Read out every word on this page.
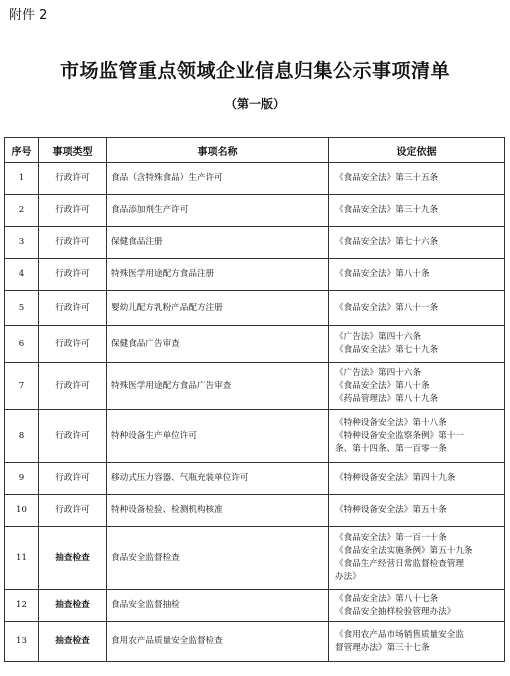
附件 2
市场监管重点领域企业信息归集公示事项清单
（第一版）
序号	事项类型	事项名称	设定依据
1	行政许可	食品（含特殊食品）生产许可	《食品安全法》第三十五条
2	行政许可	食品添加剂生产许可	《食品安全法》第三十九条
3	行政许可	保健食品注册	《食品安全法》第七十六条
4	行政许可	特殊医学用途配方食品注册	《食品安全法》第八十条
5	行政许可	婴幼儿配方乳粉产品配方注册	《食品安全法》第八十一条
6	行政许可	保健食品广告审查	《广告法》第四十六条
《食品安全法》第七十九条
7	行政许可	特殊医学用途配方食品广告审查	《广告法》第四十六条
《食品安全法》第八十条
《药品管理法》第八十九条
8	行政许可	特种设备生产单位许可	《特种设备安全法》第十八条
《特种设备安全监察条例》第十一
条、第十四条、第一百零一条
9	行政许可	移动式压力容器、气瓶充装单位许可	《特种设备安全法》第四十九条
10	行政许可	特种设备检验、检测机构核准	《特种设备安全法》第五十条
11	抽查检查	食品安全监督检查	《食品安全法》第一百一十条
《食品安全法实施条例》第五十九条
《食品生产经营日常监督检查管理
办法》
12	抽查检查	食品安全监督抽检	《食品安全法》第八十七条
《食品安全抽样检验管理办法》
13	抽查检查	食用农产品质量安全监督检查	《食用农产品市场销售质量安全监
督管理办法》第三十七条
